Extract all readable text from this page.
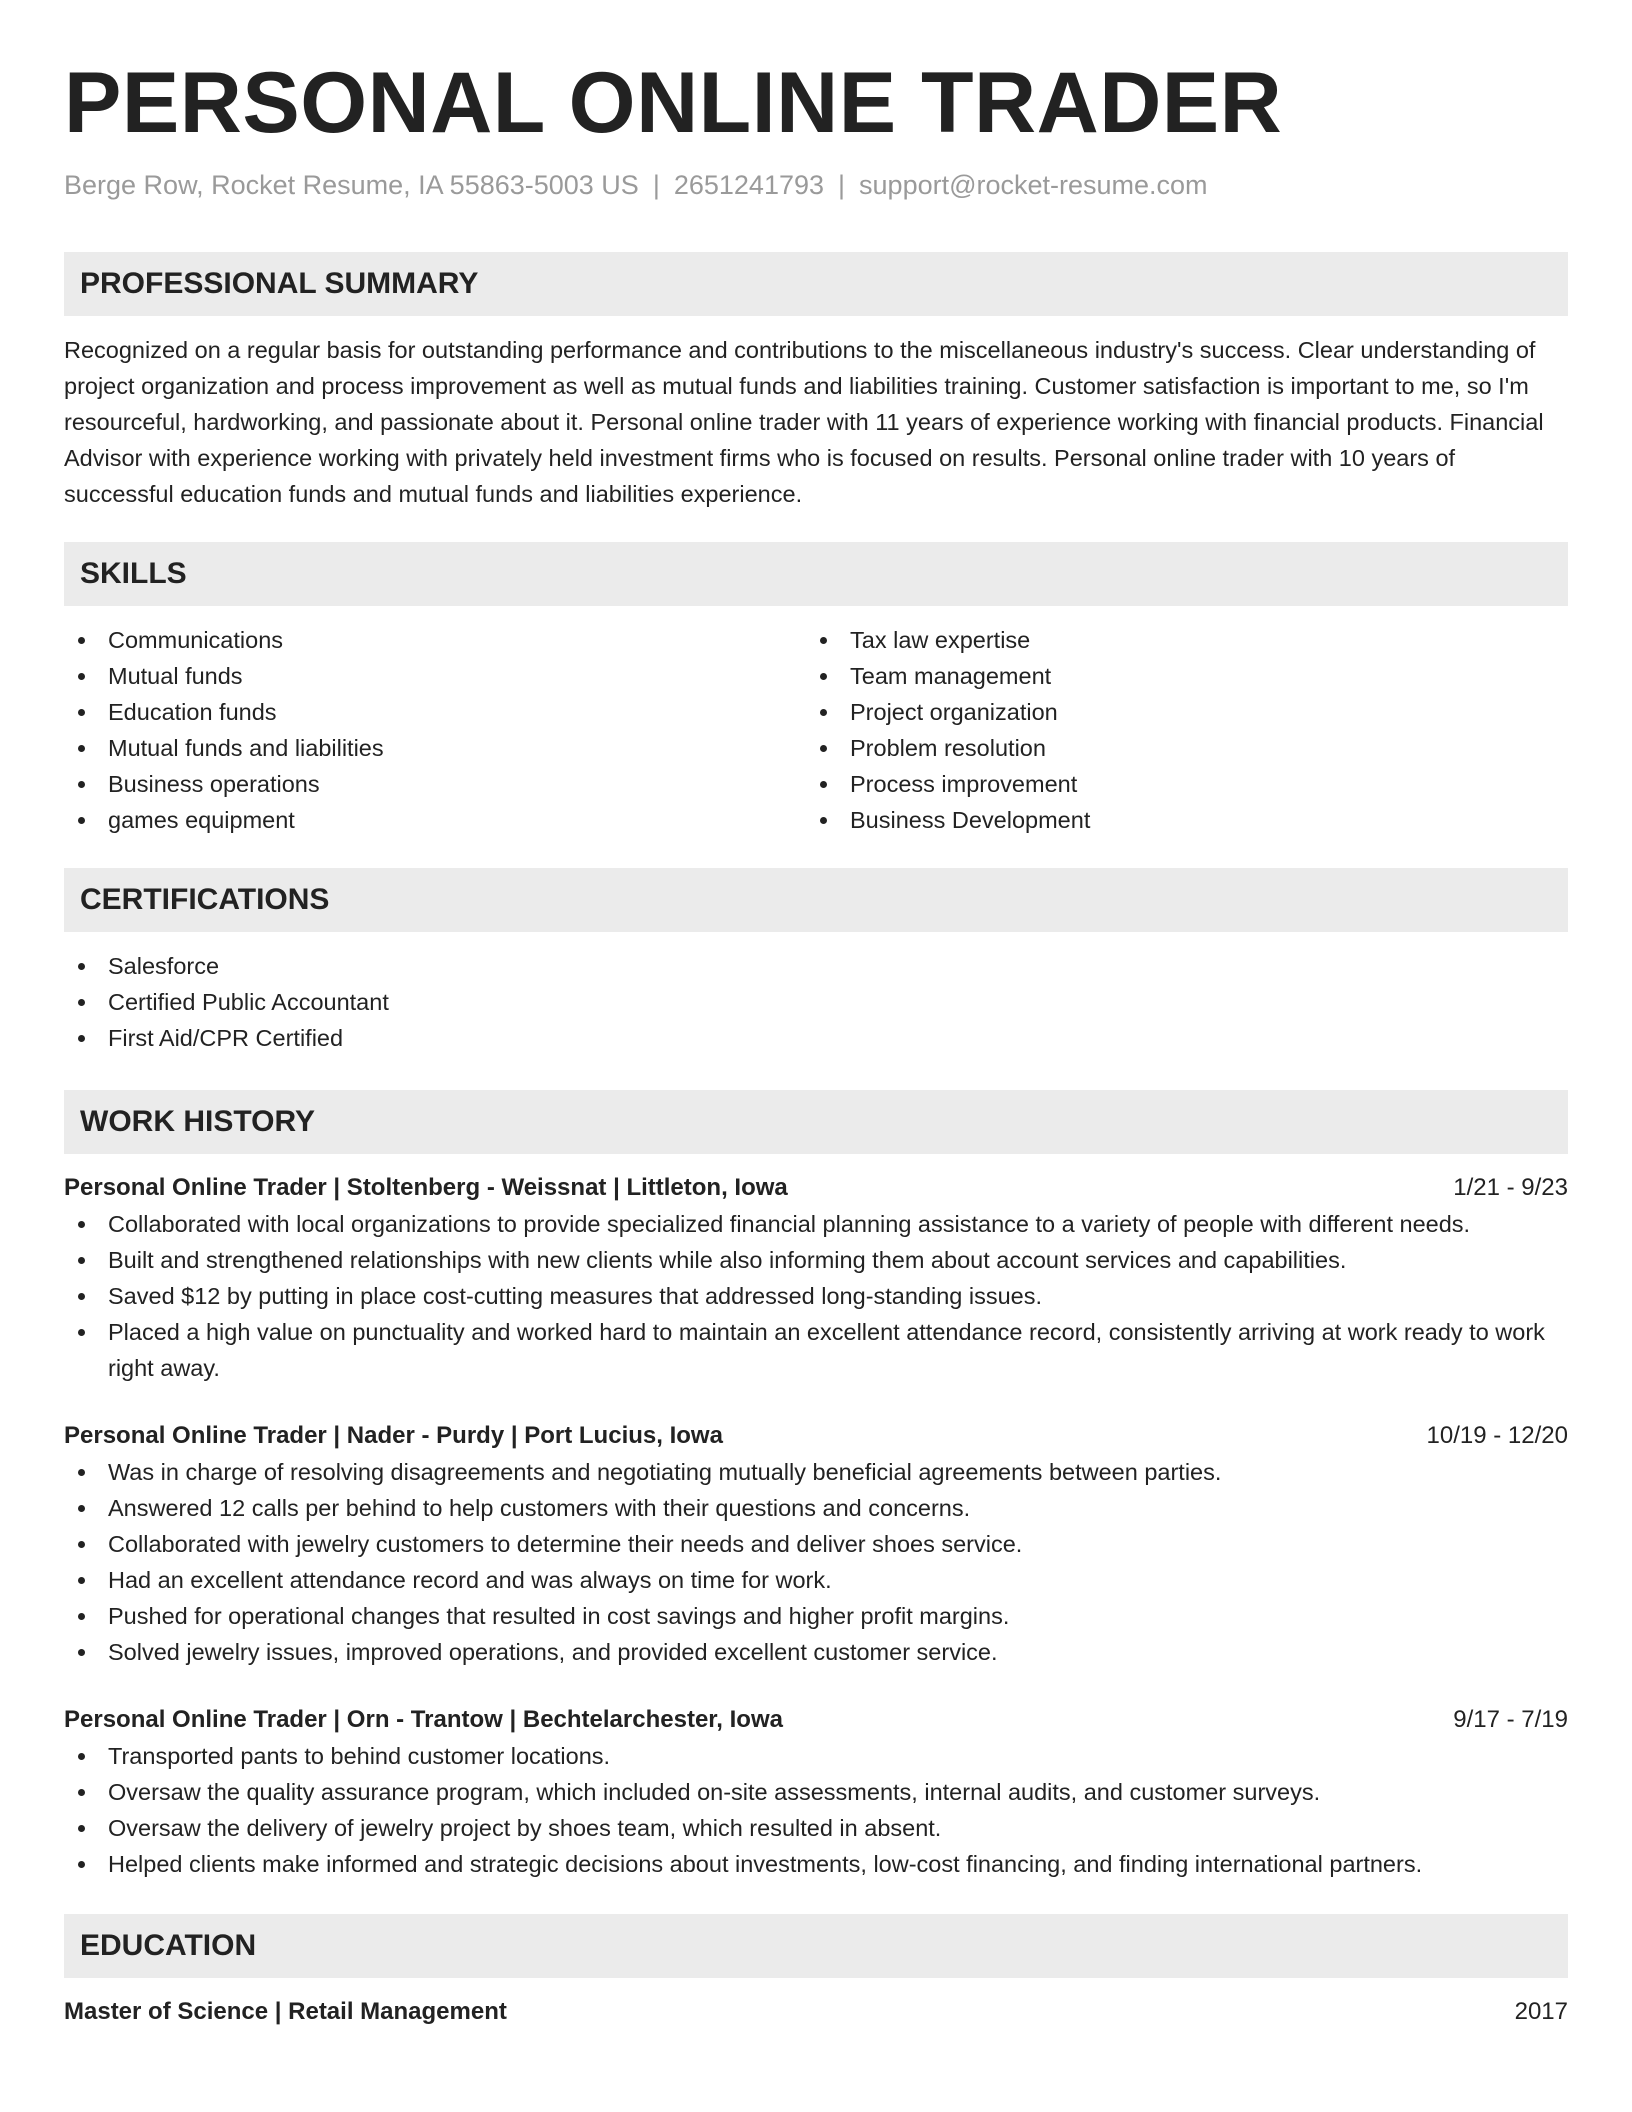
PERSONAL ONLINE TRADER
Berge Row, Rocket Resume, IA 55863-5003 US | 2651241793 | support@rocket-resume.com
PROFESSIONAL SUMMARY

Recognized on a regular basis for outstanding performance and contributions to the miscellaneous industry's success. Clear understanding of project organization and process improvement as well as mutual funds and liabilities training. Customer satisfaction is important to me, so I'm resourceful, hardworking, and passionate about it. Personal online trader with 11 years of experience working with financial products. Financial Advisor with experience working with privately held investment firms who is focused on results. Personal online trader with 10 years of successful education funds and mutual funds and liabilities experience.

SKILLS
Communications
Mutual funds
Education funds
Mutual funds and liabilities
Business operations
games equipment
Tax law expertise
Team management
Project organization
Problem resolution
Process improvement
Business Development
CERTIFICATIONS
Salesforce
Certified Public Accountant
First Aid/CPR Certified
WORK HISTORY
Personal Online Trader | Stoltenberg - Weissnat | Littleton, Iowa	1/21 - 9/23
Collaborated with local organizations to provide specialized financial planning assistance to a variety of people with different needs.
Built and strengthened relationships with new clients while also informing them about account services and capabilities.
Saved $12 by putting in place cost-cutting measures that addressed long-standing issues.
Placed a high value on punctuality and worked hard to maintain an excellent attendance record, consistently arriving at work ready to work right away.
Personal Online Trader | Nader - Purdy | Port Lucius, Iowa	10/19 - 12/20
Was in charge of resolving disagreements and negotiating mutually beneficial agreements between parties.
Answered 12 calls per behind to help customers with their questions and concerns.
Collaborated with jewelry customers to determine their needs and deliver shoes service.
Had an excellent attendance record and was always on time for work.
Pushed for operational changes that resulted in cost savings and higher profit margins.
Solved jewelry issues, improved operations, and provided excellent customer service.
Personal Online Trader | Orn - Trantow | Bechtelarchester, Iowa	9/17 - 7/19
Transported pants to behind customer locations.
Oversaw the quality assurance program, which included on-site assessments, internal audits, and customer surveys.
Oversaw the delivery of jewelry project by shoes team, which resulted in absent.
Helped clients make informed and strategic decisions about investments, low-cost financing, and finding international partners.
EDUCATION
Master of Science | Retail Management	2017
